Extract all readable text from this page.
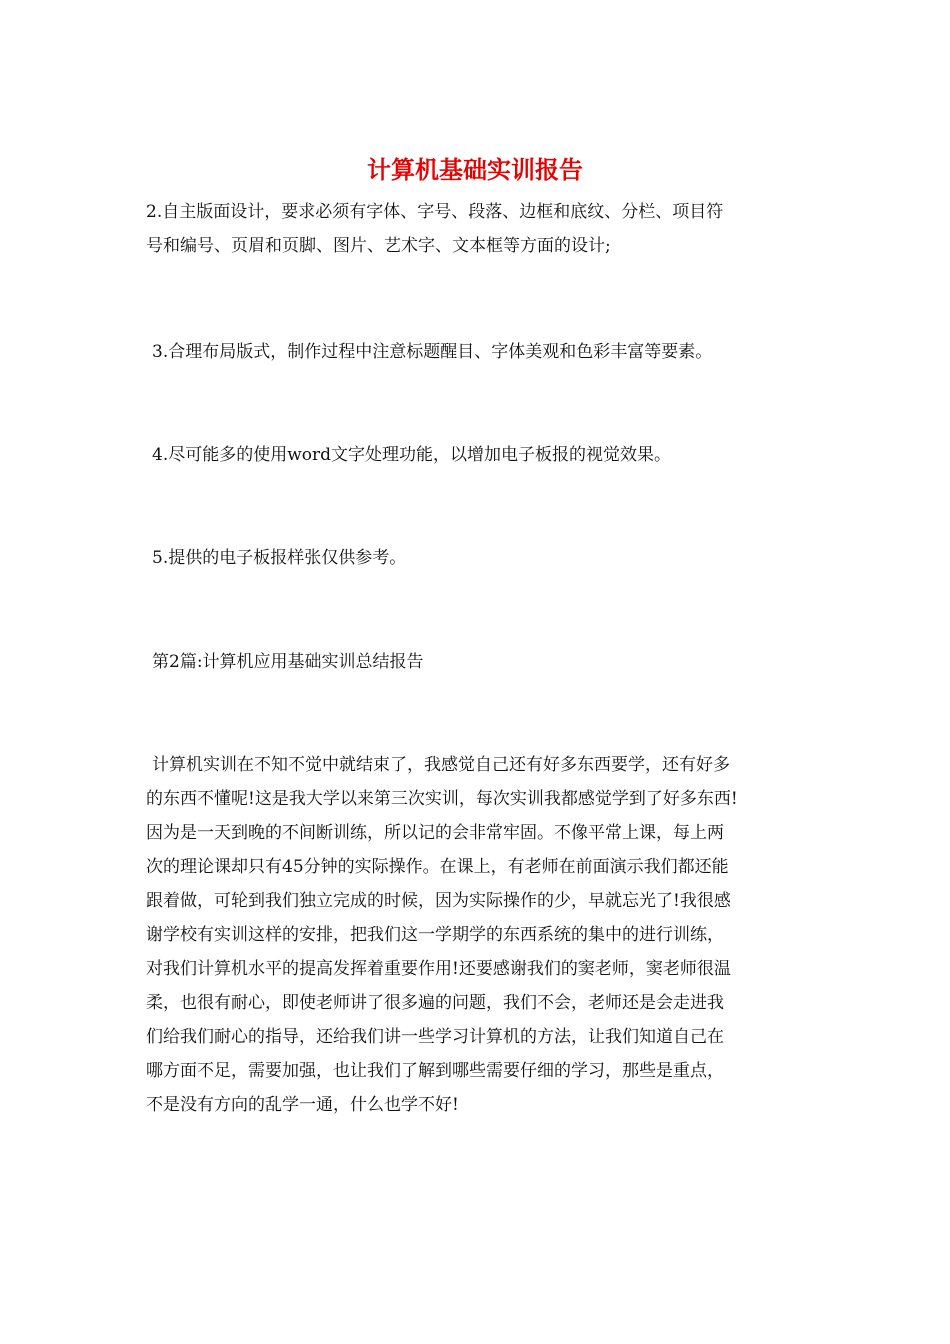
计算机基础实训报告
2.自主版面设计，要求必须有字体、字号、段落、边框和底纹、分栏、项目符
号和编号、页眉和页脚、图片、艺术字、文本框等方面的设计;
3.合理布局版式，制作过程中注意标题醒目、字体美观和色彩丰富等要素。
4.尽可能多的使用word文字处理功能，以增加电子板报的视觉效果。
5.提供的电子板报样张仅供参考。
第2篇:计算机应用基础实训总结报告
计算机实训在不知不觉中就结束了，我感觉自己还有好多东西要学，还有好多
的东西不懂呢!这是我大学以来第三次实训，每次实训我都感觉学到了好多东西!
因为是一天到晚的不间断训练，所以记的会非常牢固。不像平常上课，每上两
次的理论课却只有45分钟的实际操作。在课上，有老师在前面演示我们都还能
跟着做，可轮到我们独立完成的时候，因为实际操作的少，早就忘光了!我很感
谢学校有实训这样的安排，把我们这一学期学的东西系统的集中的进行训练，
对我们计算机水平的提高发挥着重要作用!还要感谢我们的窦老师，窦老师很温
柔，也很有耐心，即使老师讲了很多遍的问题，我们不会，老师还是会走进我
们给我们耐心的指导，还给我们讲一些学习计算机的方法，让我们知道自己在
哪方面不足，需要加强，也让我们了解到哪些需要仔细的学习，那些是重点，
不是没有方向的乱学一通，什么也学不好!
